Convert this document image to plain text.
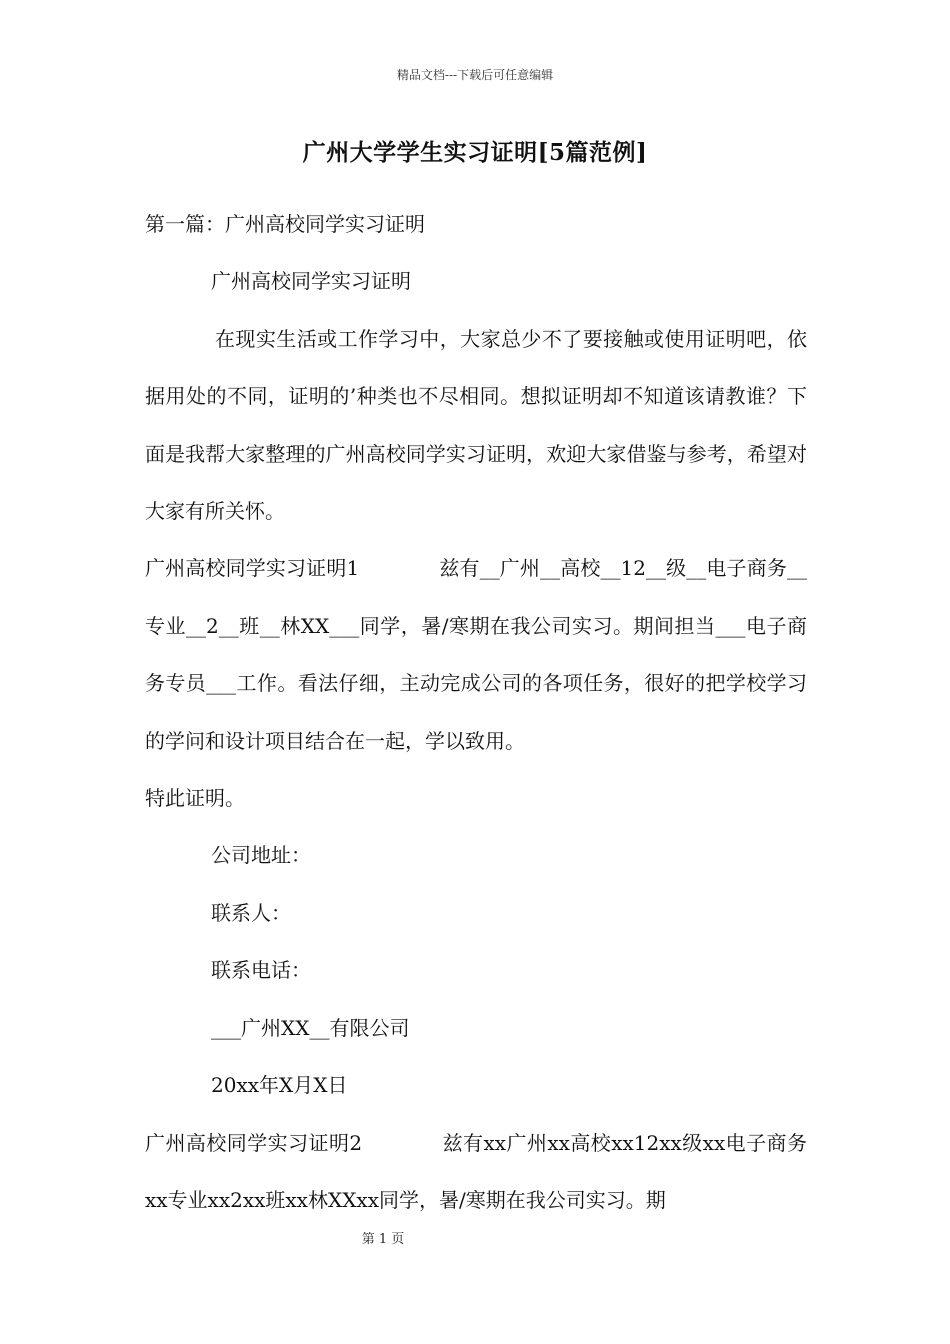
精品文档---下载后可任意编辑
广州大学学生实习证明[5篇范例]

第一篇：广州高校同学实习证明

广州高校同学实习证明

在现实生活或工作学习中，大家总少不了要接触或使用证明吧，依据用处的不同，证明的’种类也不尽相同。想拟证明却不知道该请教谁？下面是我帮大家整理的广州高校同学实习证明，欢迎大家借鉴与参考，希望对大家有所关怀。

广州高校同学实习证明1	兹有__广州__高校__12__级__电子商务__专业__2__班__林XX___同学，暑/寒期在我公司实习。期间担当___电子商务专员___工作。看法仔细，主动完成公司的各项任务，很好的把学校学习的学问和设计项目结合在一起，学以致用。

特此证明。

公司地址：

联系人：

联系电话：

___广州XX__有限公司

20xx年X月X日

广州高校同学实习证明2	兹有xx广州xx高校xx12xx级xx电子商务xx专业xx2xx班xx林XXxx同学，暑/寒期在我公司实习。期

第 1 页
